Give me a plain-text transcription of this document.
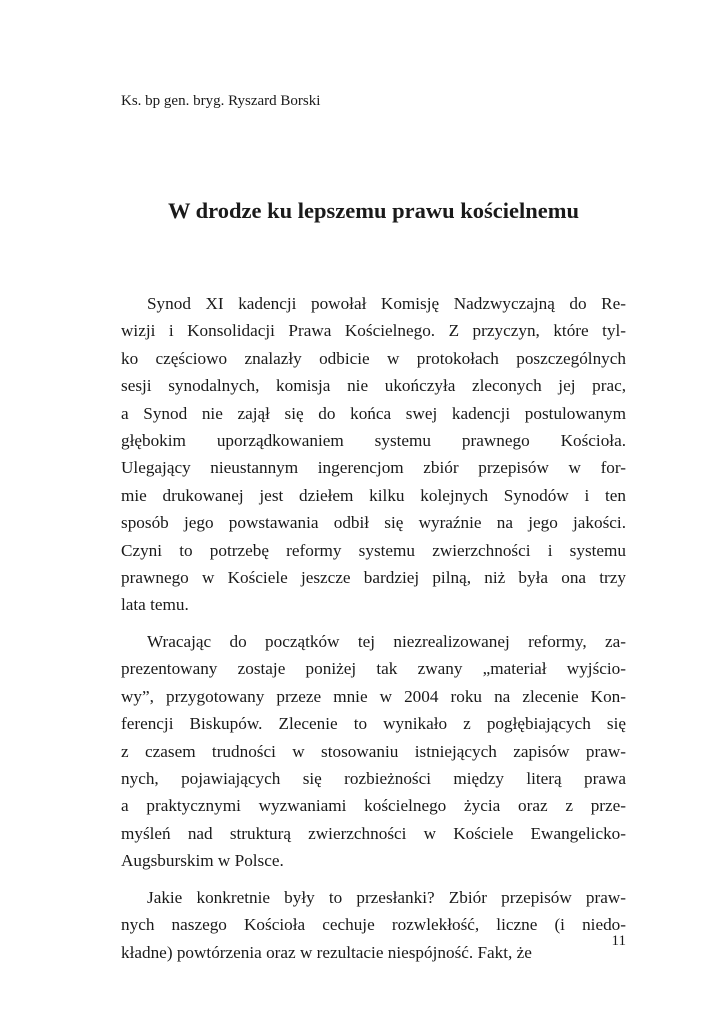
Ks. bp gen. bryg. Ryszard Borski
W drodze ku lepszemu prawu kościelnemu
Synod XI kadencji powołał Komisję Nadzwyczajną do Re-
wizji i Konsolidacji Prawa Kościelnego. Z przyczyn, które tyl-
ko częściowo znalazły odbicie w protokołach poszczególnych
sesji synodalnych, komisja nie ukończyła zleconych jej prac,
a Synod nie zajął się do końca swej kadencji postulowanym
głębokim uporządkowaniem systemu prawnego Kościoła.
Ulegający nieustannym ingerencjom zbiór przepisów w for-
mie drukowanej jest dziełem kilku kolejnych Synodów i ten
sposób jego powstawania odbił się wyraźnie na jego jakości.
Czyni to potrzebę reformy systemu zwierzchności i systemu
prawnego w Kościele jeszcze bardziej pilną, niż była ona trzy
lata temu.
Wracając do początków tej niezrealizowanej reformy, za-
prezentowany zostaje poniżej tak zwany „materiał wyjścio-
wy”, przygotowany przeze mnie w 2004 roku na zlecenie Kon-
ferencji Biskupów. Zlecenie to wynikało z pogłębiających się
z czasem trudności w stosowaniu istniejących zapisów praw-
nych, pojawiających się rozbieżności między literą prawa
a praktycznymi wyzwaniami kościelnego życia oraz z prze-
myśleń nad strukturą zwierzchności w Kościele Ewangelicko-
Augsburskim w Polsce.
Jakie konkretnie były to przesłanki? Zbiór przepisów praw-
nych naszego Kościoła cechuje rozwlekłość, liczne (i niedo-
kładne) powtórzenia oraz w rezultacie niespójność. Fakt, że
11
